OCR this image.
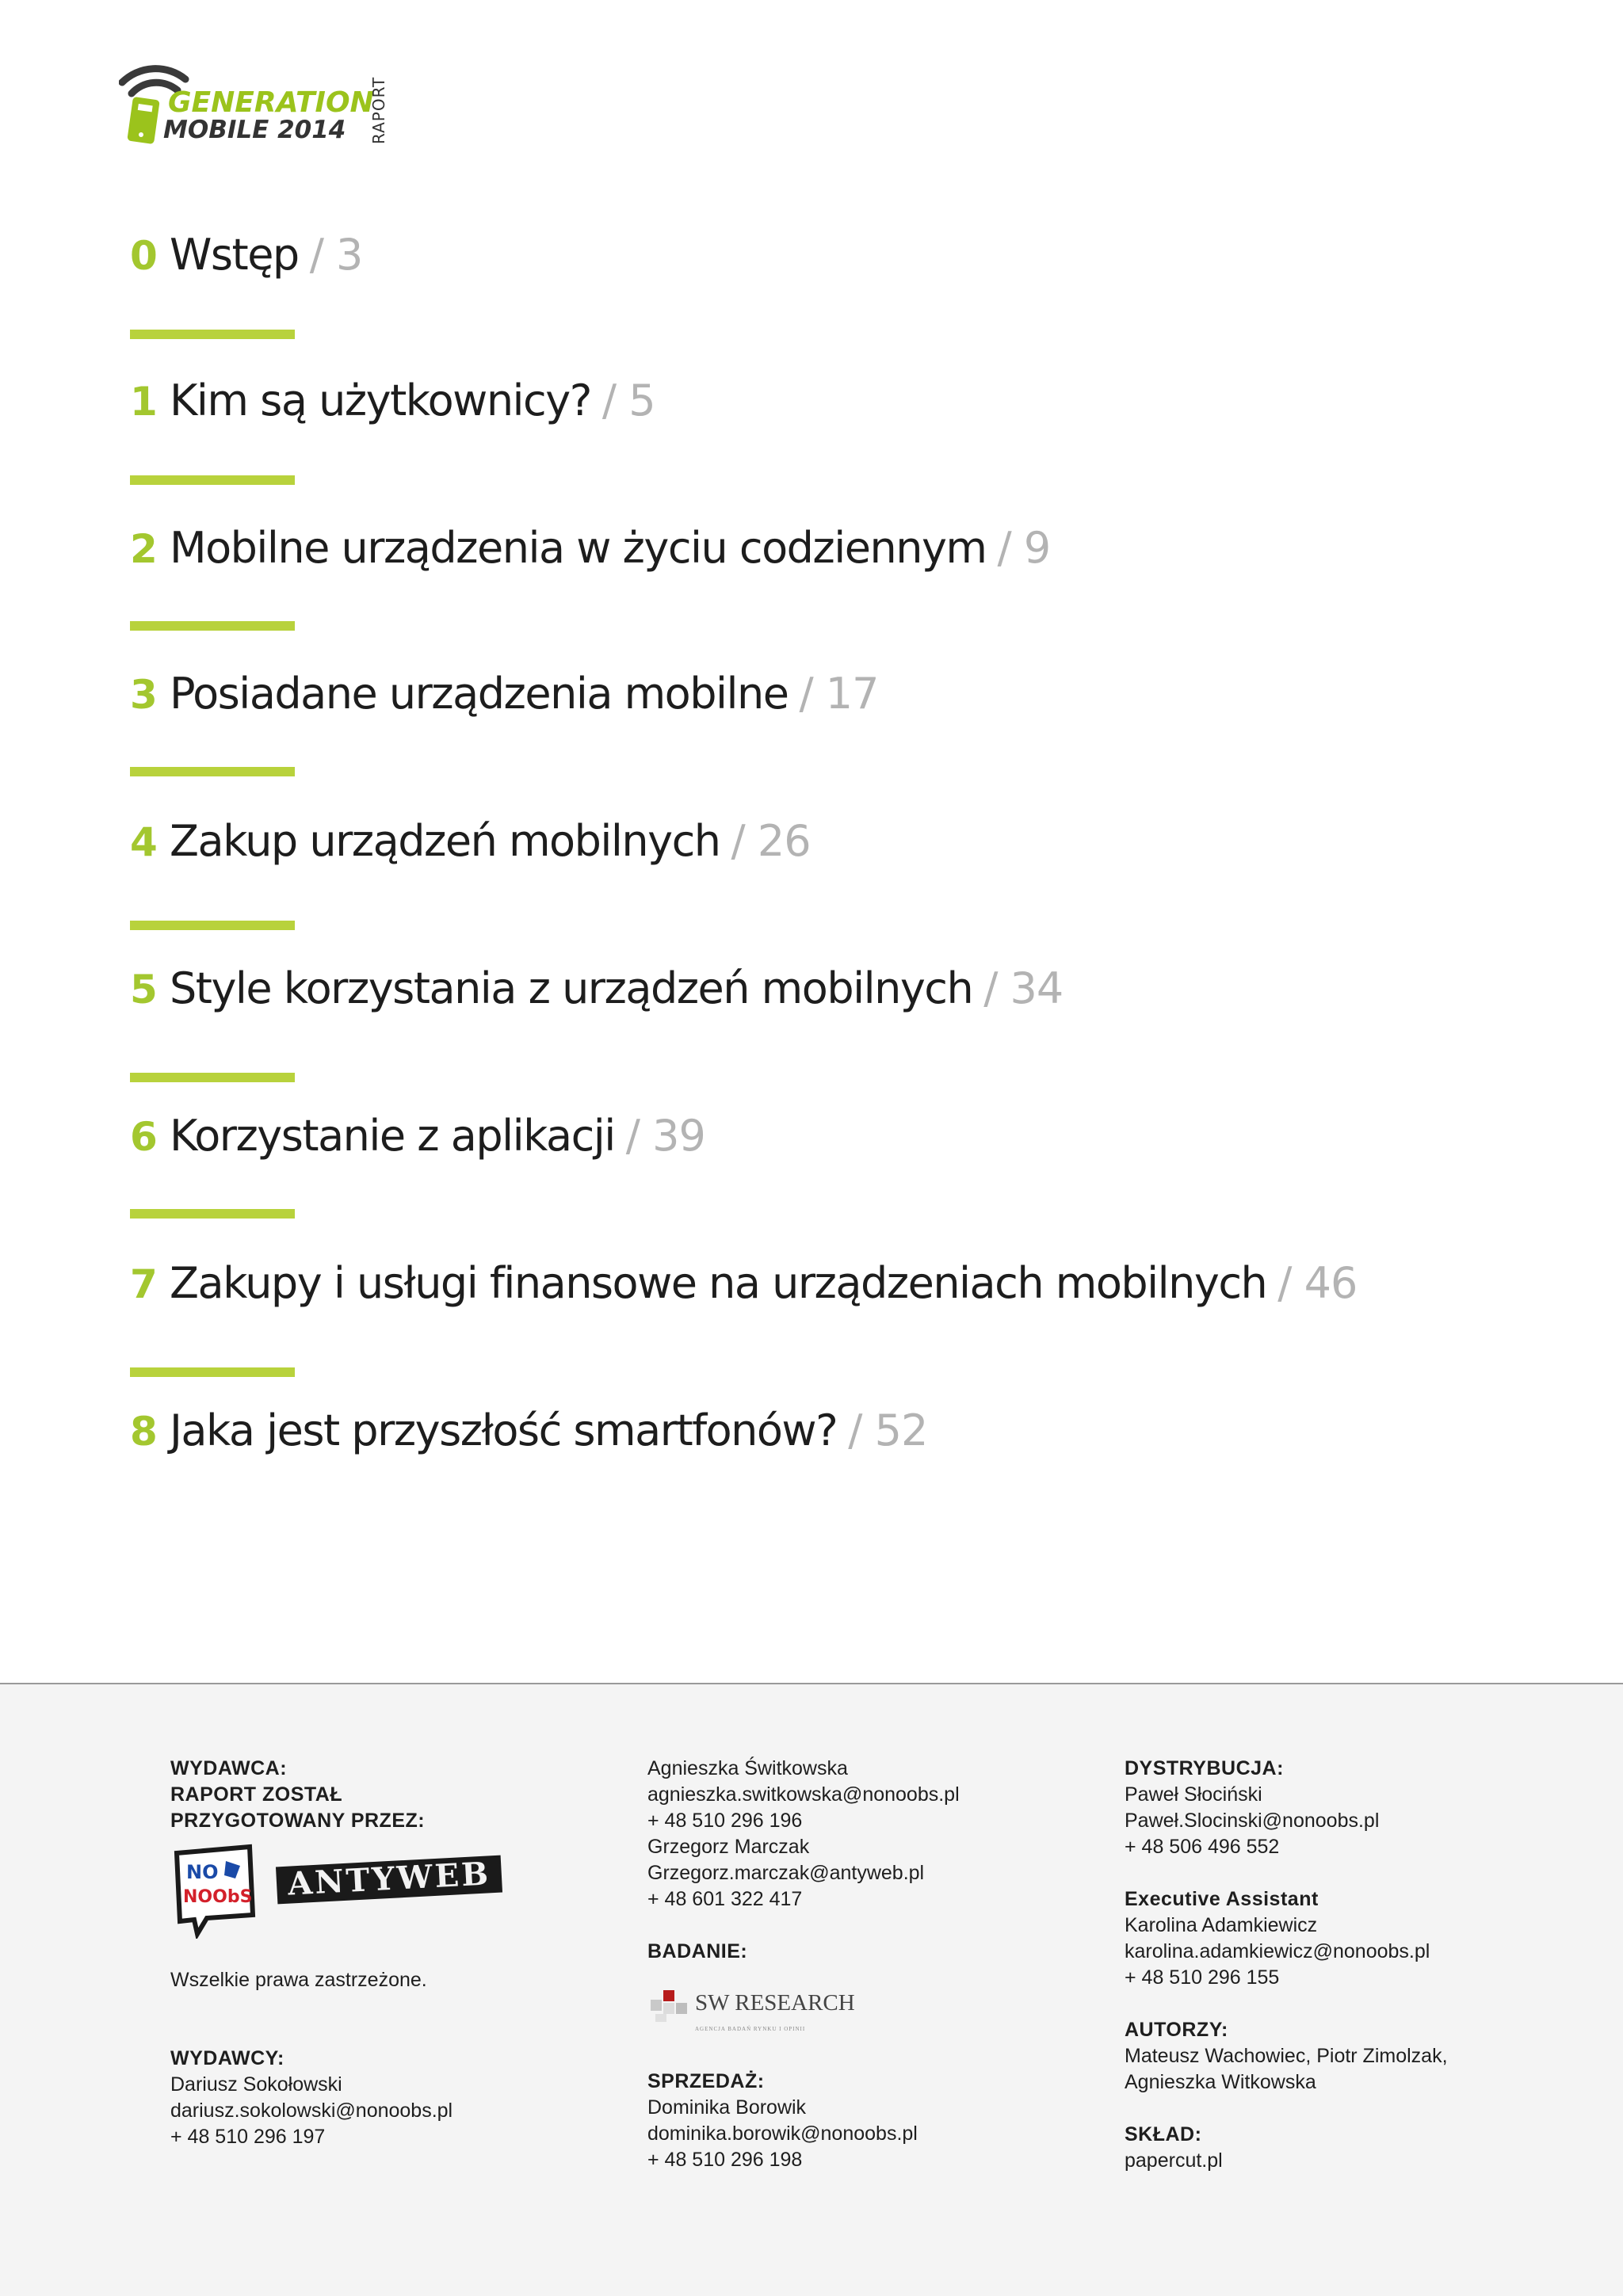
GENERATION
MOBILE 2014 RAPORT
0 Wstęp / 3
1 Kim są użytkownicy? / 5
2 Mobilne urządzenia w życiu codziennym / 9
3 Posiadane urządzenia mobilne / 17
4 Zakup urządzeń mobilnych / 26
5 Style korzystania z urządzeń mobilnych / 34
6 Korzystanie z aplikacji / 39
7 Zakupy i usługi finansowe na urządzeniach mobilnych / 46
8 Jaka jest przyszłość smartfonów? / 52
WYDAWCA:
RAPORT ZOSTAŁ
PRZYGOTOWANY PRZEZ:
NO
NOObS	ANTYWEB
Wszelkie prawa zastrzeżone.
WYDAWCY:
Dariusz Sokołowski
dariusz.sokolowski@nonoobs.pl
+ 48 510 296 197
Agnieszka Świtkowska
agnieszka.switkowska@nonoobs.pl
+ 48 510 296 196
Grzegorz Marczak
Grzegorz.marczak@antyweb.pl
+ 48 601 322 417
BADANIE:
SW RESEARCH
AGENCJA BADAŃ RYNKU I OPINII
SPRZEDAŻ:
Dominika Borowik
dominika.borowik@nonoobs.pl
+ 48 510 296 198
DYSTRYBUCJA:
Paweł Słociński
Paweł.Slocinski@nonoobs.pl
+ 48 506 496 552
Executive Assistant
Karolina Adamkiewicz
karolina.adamkiewicz@nonoobs.pl
+ 48 510 296 155
AUTORZY:
Mateusz Wachowiec, Piotr Zimolzak,
Agnieszka Witkowska
SKŁAD:
papercut.pl
